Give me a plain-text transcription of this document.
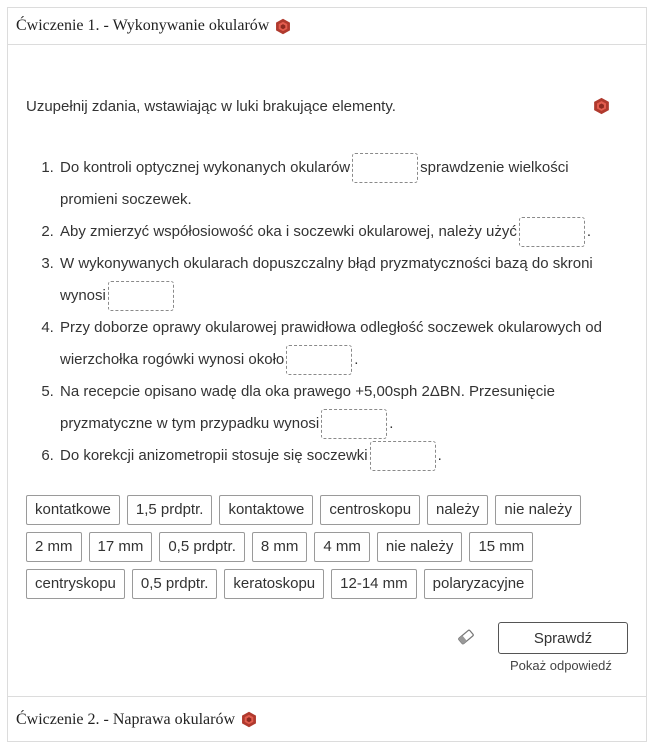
Ćwiczenie 1. - Wykonywanie okularów
Uzupełnij zdania, wstawiając w luki brakujące elementy.
1. Do kontroli optycznej wykonanych okularów	sprawdzenie wielkości promieni soczewek.
2. Aby zmierzyć współosiowość oka i soczewki okularowej, należy użyć	.
3. W wykonywanych okularach dopuszczalny błąd pryzmatyczności bazą do skroni wynosi
4. Przy doborze oprawy okularowej prawidłowa odległość soczewek okularowych od wierzchołka rogówki wynosi około	.
5. Na recepcie opisano wadę dla oka prawego +5,00sph 2ΔBN. Przesunięcie pryzmatyczne w tym przypadku wynosi	.
6. Do korekcji anizometropii stosuje się soczewki	.
kontatkowe	1,5 prdptr.	kontaktowe	centroskopu	należy	nie należy
2 mm	17 mm	0,5 prdptr.	8 mm	4 mm	nie należy	15 mm
centryskopu	0,5 prdptr.	keratoskopu	12-14 mm	polaryzacyjne
Sprawdź
Pokaż odpowiedź
Ćwiczenie 2. - Naprawa okularów
